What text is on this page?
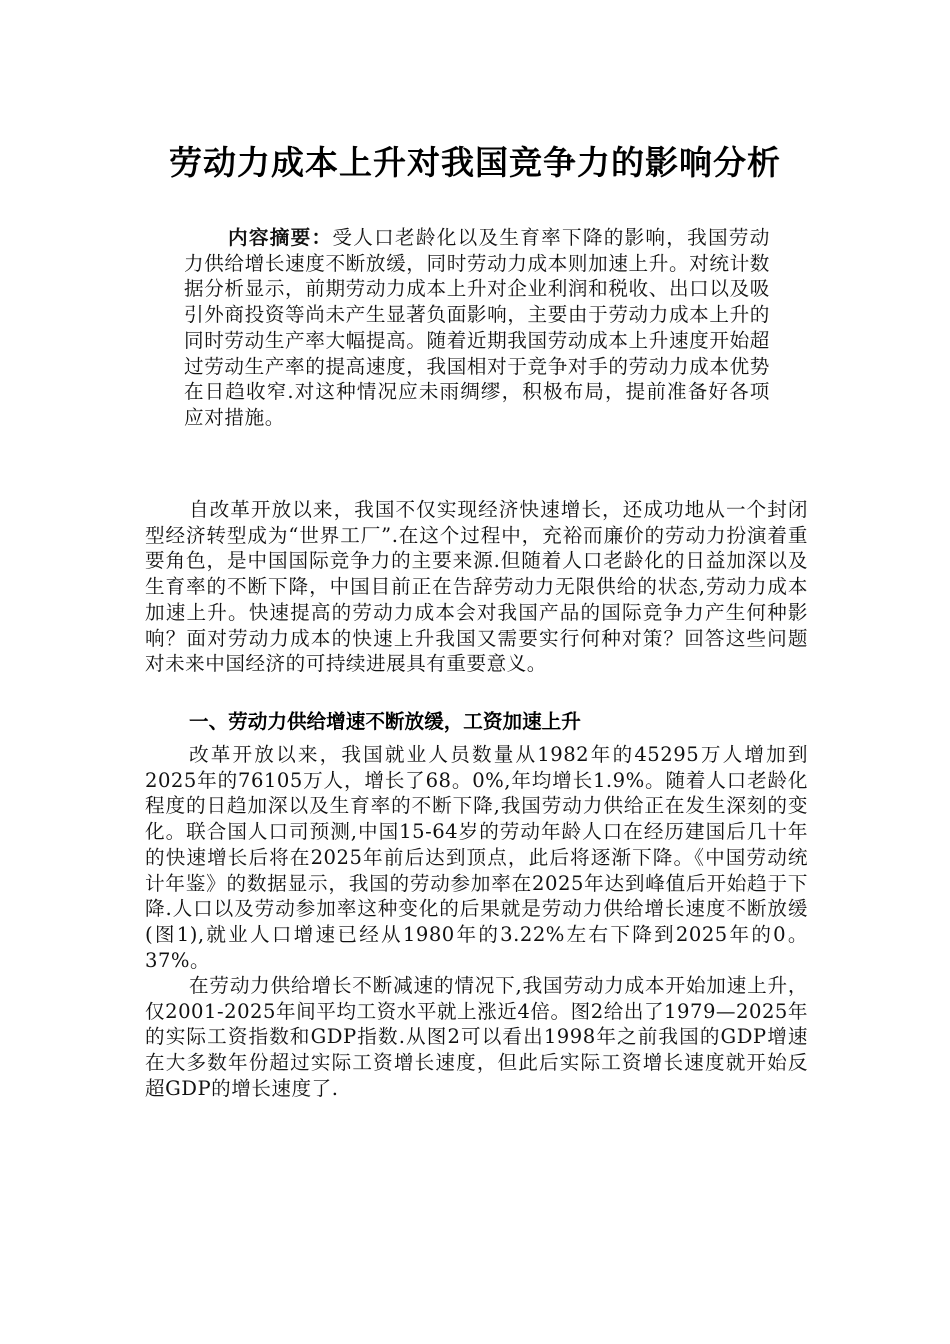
劳动力成本上升对我国竞争力的影响分析
内容摘要：受人口老龄化以及生育率下降的影响，我国劳动力供给增长速度不断放缓，同时劳动力成本则加速上升。对统计数据分析显示，前期劳动力成本上升对企业利润和税收、出口以及吸引外商投资等尚未产生显著负面影响，主要由于劳动力成本上升的同时劳动生产率大幅提高。随着近期我国劳动成本上升速度开始超过劳动生产率的提高速度，我国相对于竞争对手的劳动力成本优势在日趋收窄.对这种情况应未雨绸缪，积极布局，提前准备好各项应对措施。

自改革开放以来，我国不仅实现经济快速增长，还成功地从一个封闭型经济转型成为“世界工厂”.在这个过程中，充裕而廉价的劳动力扮演着重要角色，是中国国际竞争力的主要来源.但随着人口老龄化的日益加深以及生育率的不断下降，中国目前正在告辞劳动力无限供给的状态,劳动力成本加速上升。快速提高的劳动力成本会对我国产品的国际竞争力产生何种影响？面对劳动力成本的快速上升我国又需要实行何种对策？回答这些问题对未来中国经济的可持续进展具有重要意义。

一、劳动力供给增速不断放缓，工资加速上升

改革开放以来，我国就业人员数量从1982年的45295万人增加到2025年的76105万人，增长了68。0%,年均增长1.9%。随着人口老龄化程度的日趋加深以及生育率的不断下降,我国劳动力供给正在发生深刻的变化。联合国人口司预测,中国15-64岁的劳动年龄人口在经历建国后几十年的快速增长后将在2025年前后达到顶点，此后将逐渐下降。《中国劳动统计年鉴》的数据显示，我国的劳动参加率在2025年达到峰值后开始趋于下降.人口以及劳动参加率这种变化的后果就是劳动力供给增长速度不断放缓(图1),就业人口增速已经从1980年的3.22%左右下降到2025年的0。37%。

在劳动力供给增长不断减速的情况下,我国劳动力成本开始加速上升，仅2001-2025年间平均工资水平就上涨近4倍。图2给出了1979—2025年的实际工资指数和GDP指数.从图2可以看出1998年之前我国的GDP增速在大多数年份超过实际工资增长速度，但此后实际工资增长速度就开始反超GDP的增长速度了.
